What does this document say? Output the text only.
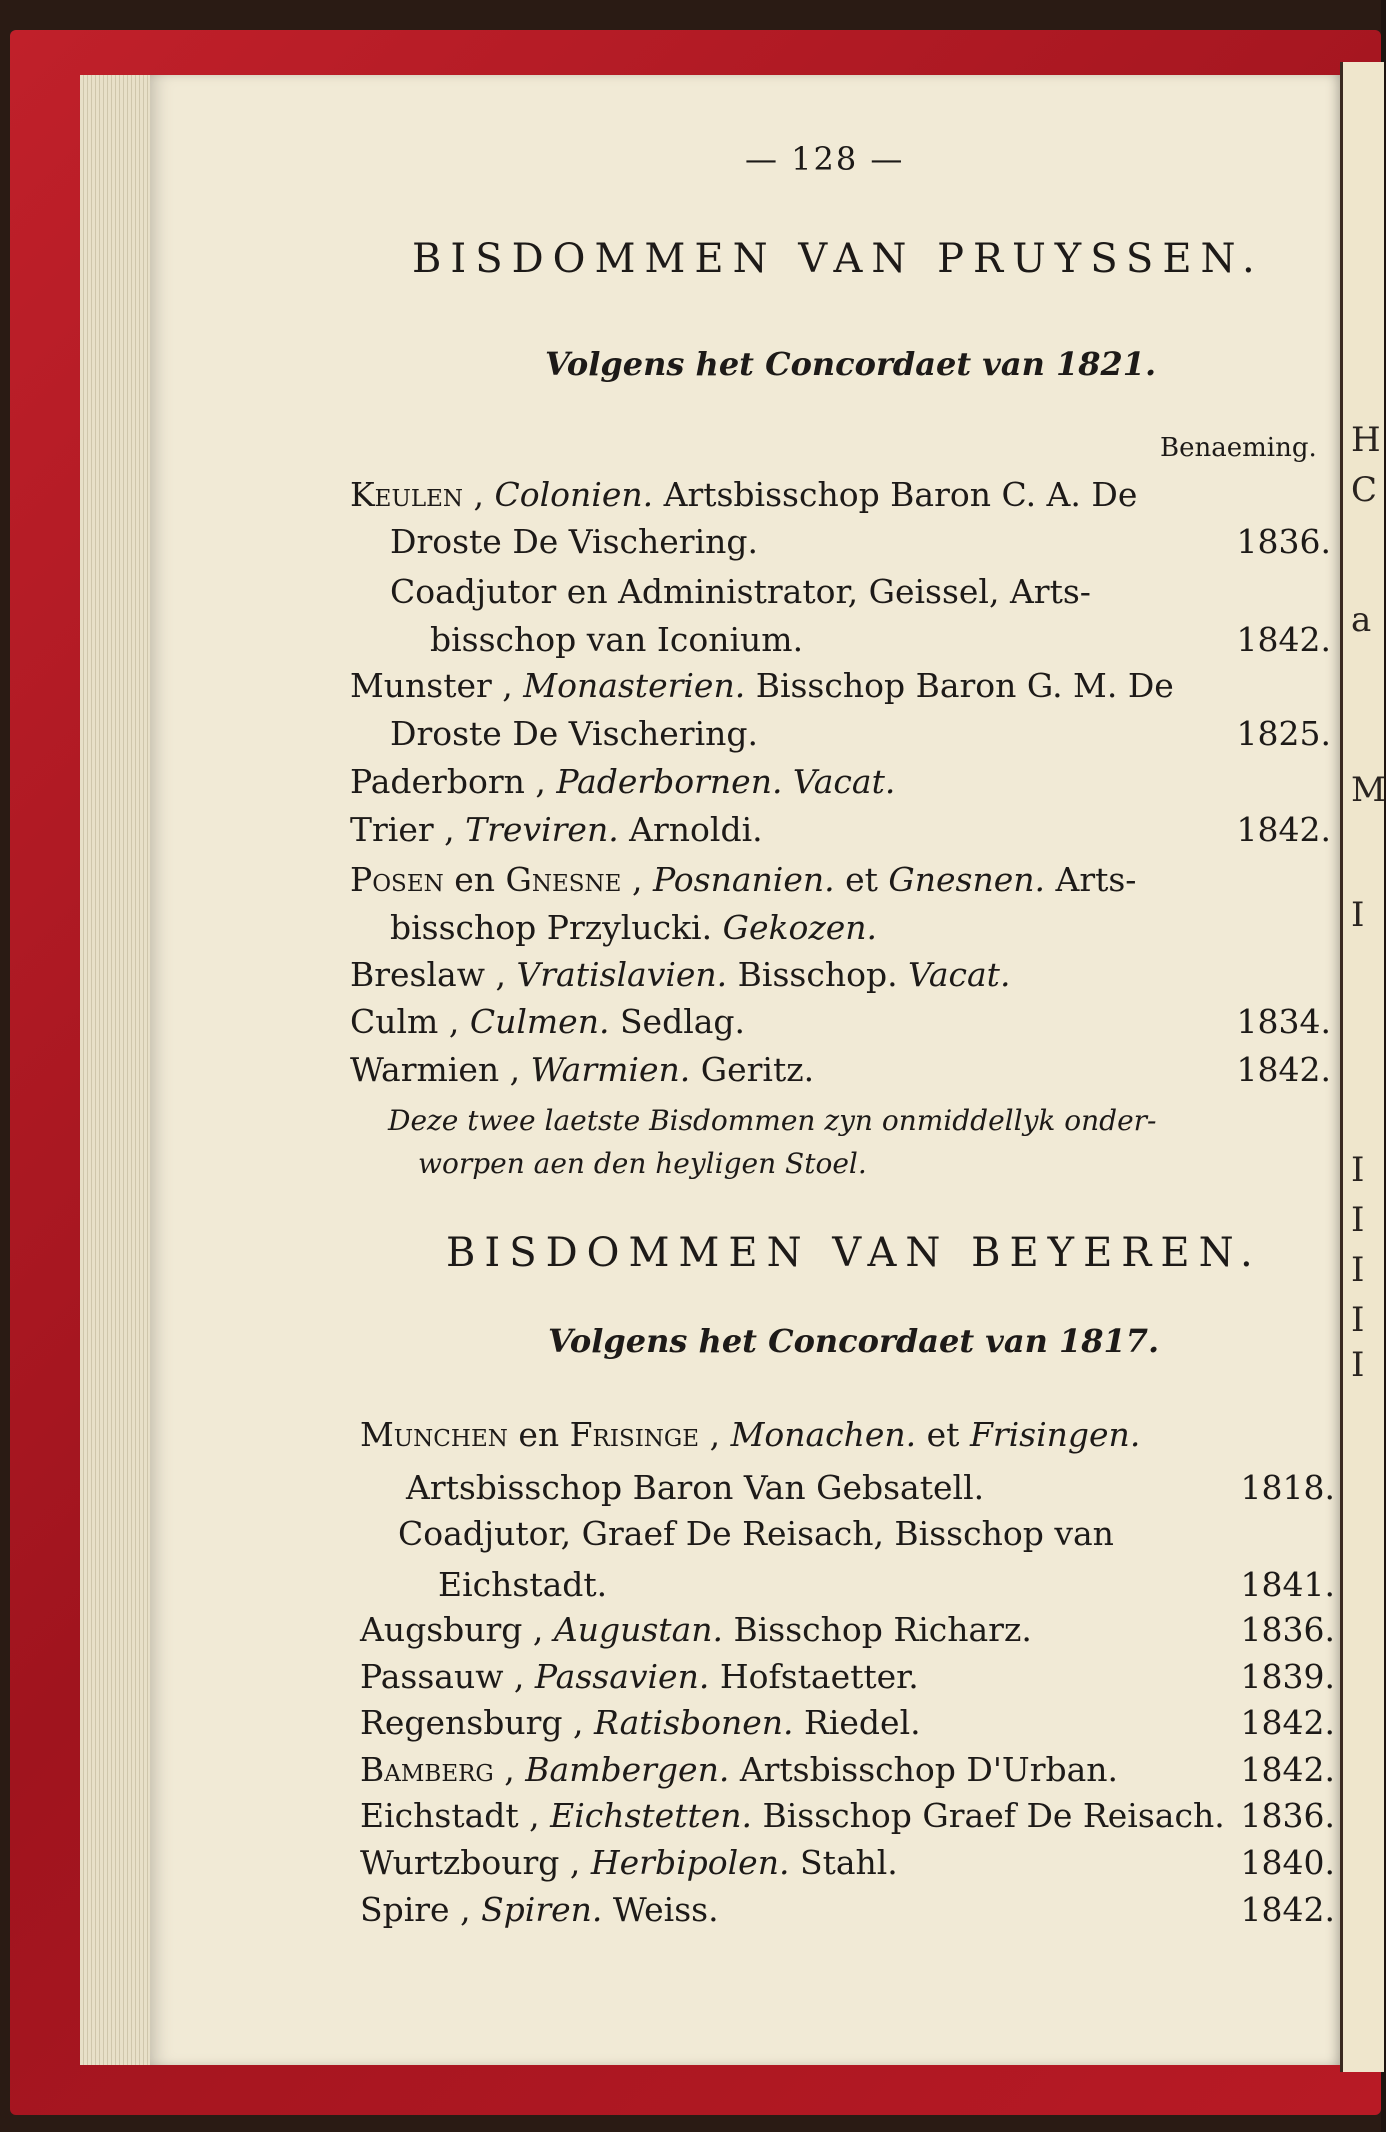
H
C
a
M
I
I
I
I
I
I
— 128 —
BISDOMMEN VAN PRUYSSEN.
Volgens het Concordaet van 1821.
Benaeming.
Keulen , Colonien. Artsbisschop Baron C. A. De
Droste De Vischering.	1836.
Coadjutor en Administrator, Geissel, Arts-
bisschop van Iconium.	1842.
Munster , Monasterien. Bisschop Baron G. M. De
Droste De Vischering.	1825.
Paderborn , Paderbornen. Vacat.
Trier , Treviren. Arnoldi.	1842.
Posen en Gnesne , Posnanien. et Gnesnen. Arts-
bisschop Przylucki. Gekozen.
Breslaw , Vratislavien. Bisschop. Vacat.
Culm , Culmen. Sedlag.	1834.
Warmien , Warmien. Geritz.	1842.
Deze twee laetste Bisdommen zyn onmiddellyk onder-
worpen aen den heyligen Stoel.
BISDOMMEN VAN BEYEREN.
Volgens het Concordaet van 1817.
Munchen en Frisinge , Monachen. et Frisingen.
Artsbisschop Baron Van Gebsatell.	1818.
Coadjutor, Graef De Reisach, Bisschop van
Eichstadt.	1841.
Augsburg , Augustan. Bisschop Richarz.	1836.
Passauw , Passavien. Hofstaetter.	1839.
Regensburg , Ratisbonen. Riedel.	1842.
Bamberg , Bambergen. Artsbisschop D'Urban.	1842.
Eichstadt , Eichstetten. Bisschop Graef De Reisach. 1836.
Wurtzbourg , Herbipolen. Stahl.	1840.
Spire , Spiren. Weiss.	1842.
